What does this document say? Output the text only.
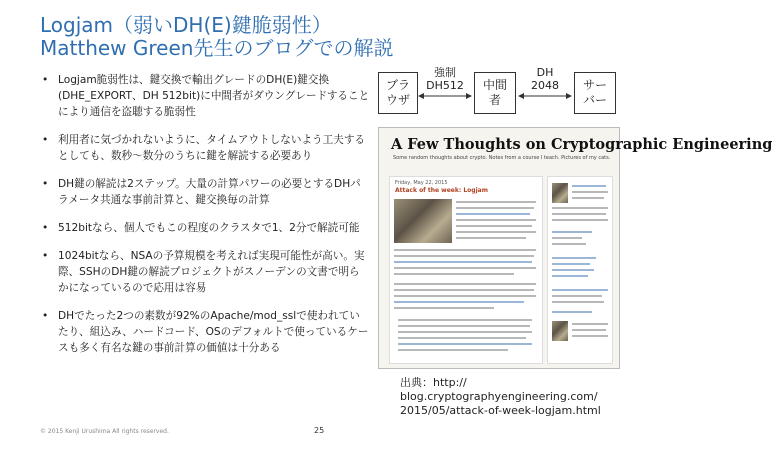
Logjam（弱いDH(E)鍵脆弱性）
Matthew Green先生のブログでの解説
• Logjam脆弱性は、鍵交換で輸出グレードのDH(E)鍵交換(DHE_EXPORT、DH 512bit)に中間者がダウングレードすることにより通信を盗聴する脆弱性
• 利用者に気づかれないように、タイムアウトしないよう工夫するとしても、数秒〜数分のうちに鍵を解読する必要あり
• DH鍵の解読は2ステップ。大量の計算パワーの必要とするDHパラメータ共通な事前計算と、鍵交換毎の計算
• 512bitなら、個人でもこの程度のクラスタで1、2分で解読可能
• 1024bitなら、NSAの予算規模を考えれば実現可能性が高い。実際、SSHのDH鍵の解読プロジェクトがスノーデンの文書で明らかになっているので応用は容易
• DHでたった2つの素数が92%のApache/mod_sslで使われていたり、組込み、ハードコード、OSのデフォルトで使っているケースも多く有名な鍵の事前計算の価値は十分ある
ブラ
ウザ
強制
DH512	中間
者
DH
2048	サー
バー
A Few Thoughts on Cryptographic Engineering
Some random thoughts about crypto. Notes from a course I teach. Pictures of my cats.
Friday, May 22, 2015
Attack of the week: Logjam
出典：http://
blog.cryptographyengineering.com/
2015/05/attack-of-week-logjam.html
© 2015 Kenji Urushima All rights reserved.	25
